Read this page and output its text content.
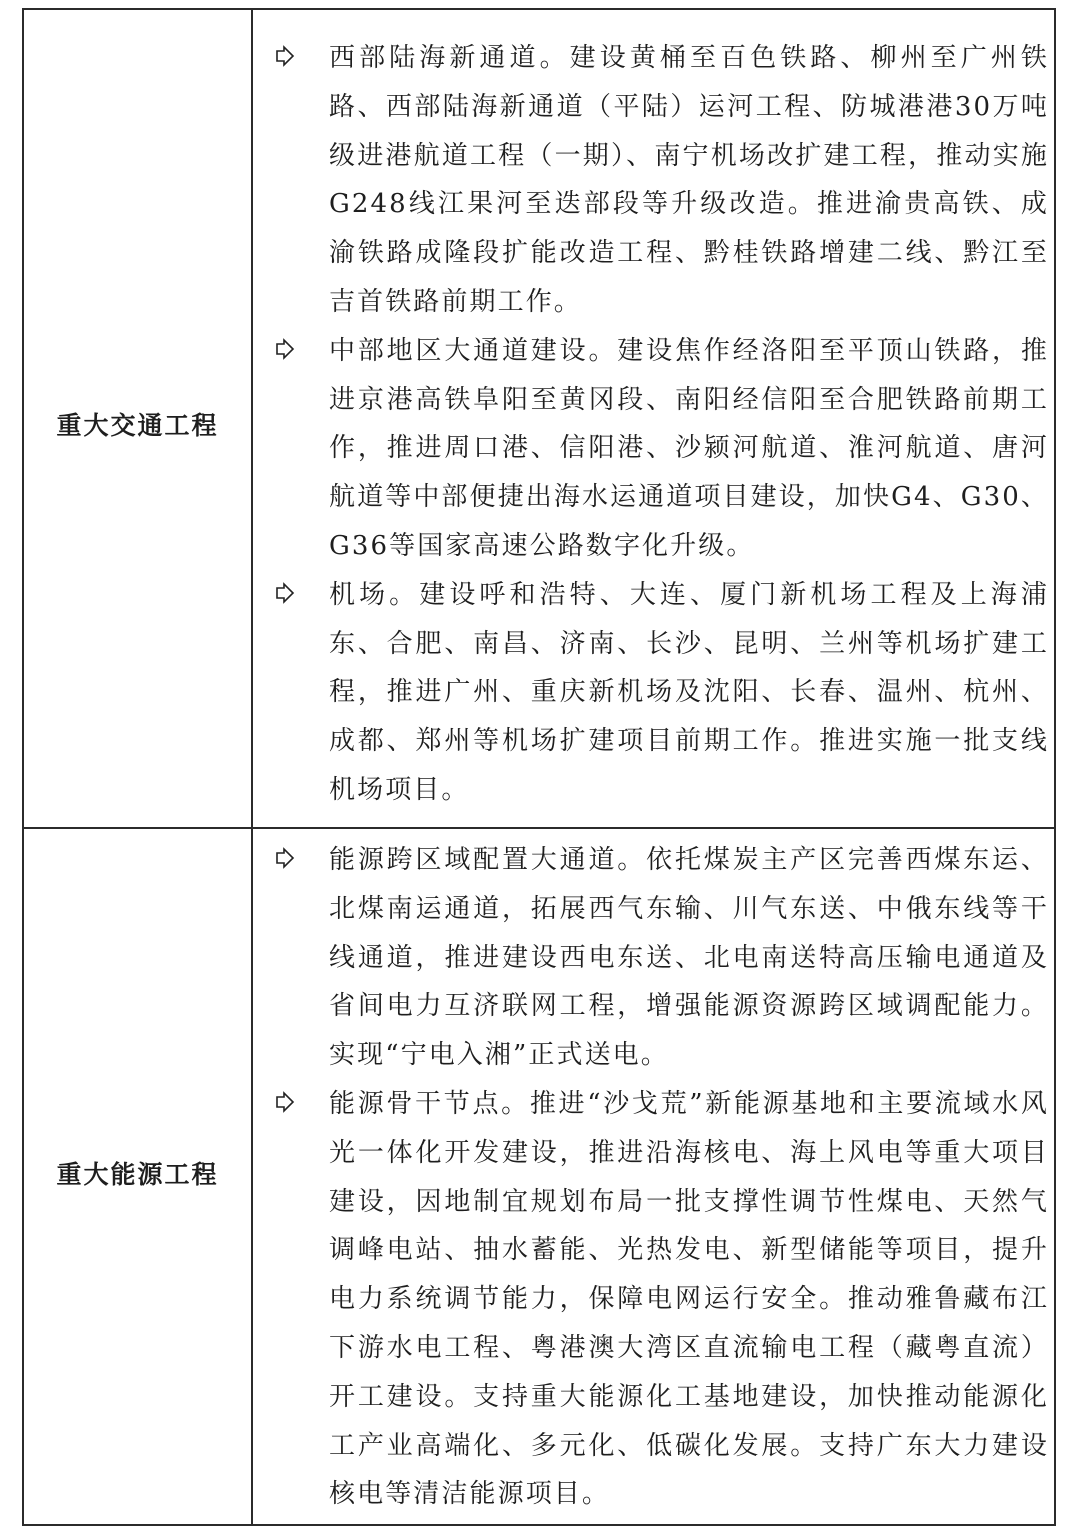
重大交通工程
西部陆海新通道。建设黄桶至百色铁路、柳州至广州铁路、西部陆海新通道（平陆）运河工程、防城港港30万吨级进港航道工程（一期）、南宁机场改扩建工程，推动实施G248线江果河至迭部段等升级改造。推进渝贵高铁、成渝铁路成隆段扩能改造工程、黔桂铁路增建二线、黔江至吉首铁路前期工作。
中部地区大通道建设。建设焦作经洛阳至平顶山铁路，推进京港高铁阜阳至黄冈段、南阳经信阳至合肥铁路前期工作，推进周口港、信阳港、沙颍河航道、淮河航道、唐河航道等中部便捷出海水运通道项目建设，加快G4、G30、G36等国家高速公路数字化升级。
机场。建设呼和浩特、大连、厦门新机场工程及上海浦东、合肥、南昌、济南、长沙、昆明、兰州等机场扩建工程，推进广州、重庆新机场及沈阳、长春、温州、杭州、成都、郑州等机场扩建项目前期工作。推进实施一批支线机场项目。
重大能源工程
能源跨区域配置大通道。依托煤炭主产区完善西煤东运、北煤南运通道，拓展西气东输、川气东送、中俄东线等干线通道，推进建设西电东送、北电南送特高压输电通道及省间电力互济联网工程，增强能源资源跨区域调配能力。实现“宁电入湘”正式送电。
能源骨干节点。推进“沙戈荒”新能源基地和主要流域水风光一体化开发建设，推进沿海核电、海上风电等重大项目建设，因地制宜规划布局一批支撑性调节性煤电、天然气调峰电站、抽水蓄能、光热发电、新型储能等项目，提升电力系统调节能力，保障电网运行安全。推动雅鲁藏布江下游水电工程、粤港澳大湾区直流输电工程（藏粤直流）开工建设。支持重大能源化工基地建设，加快推动能源化工产业高端化、多元化、低碳化发展。支持广东大力建设核电等清洁能源项目。
